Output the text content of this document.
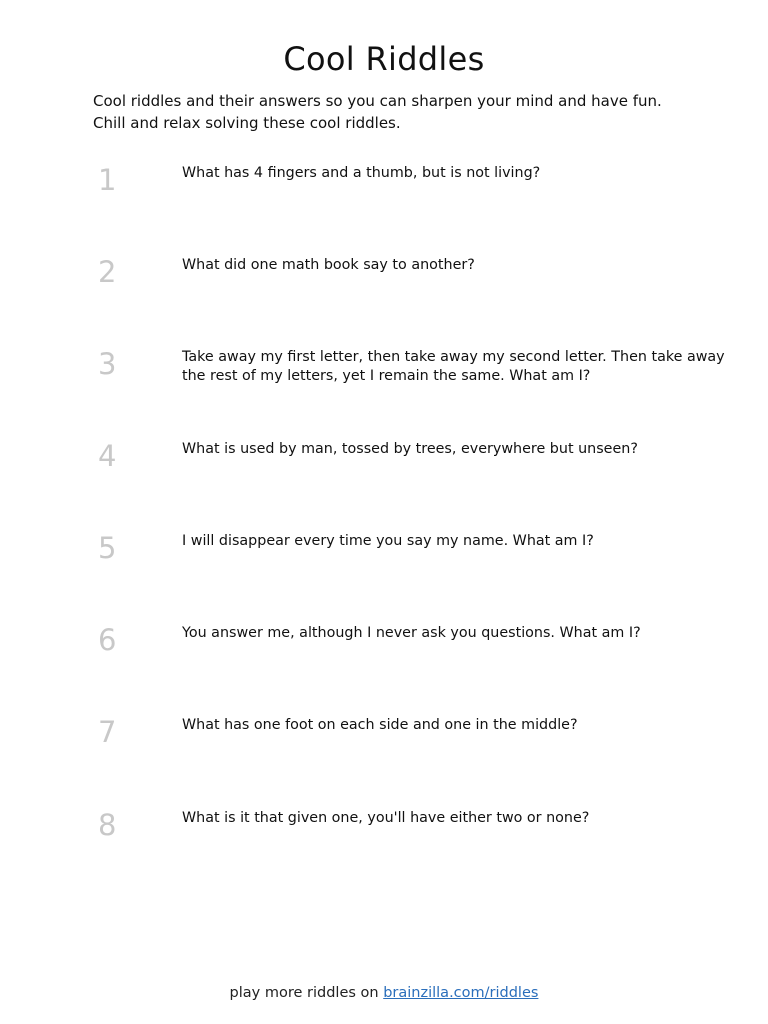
Cool Riddles

Cool riddles and their answers so you can sharpen your mind and have fun. Chill and relax solving these cool riddles.

1	What has 4 fingers and a thumb, but is not living?
2	What did one math book say to another?
3	Take away my first letter, then take away my second letter. Then take away the rest of my letters, yet I remain the same. What am I?
4	What is used by man, tossed by trees, everywhere but unseen?
5	I will disappear every time you say my name. What am I?
6	You answer me, although I never ask you questions. What am I?
7	What has one foot on each side and one in the middle?
8	What is it that given one, you'll have either two or none?
play more riddles on brainzilla.com/riddles
